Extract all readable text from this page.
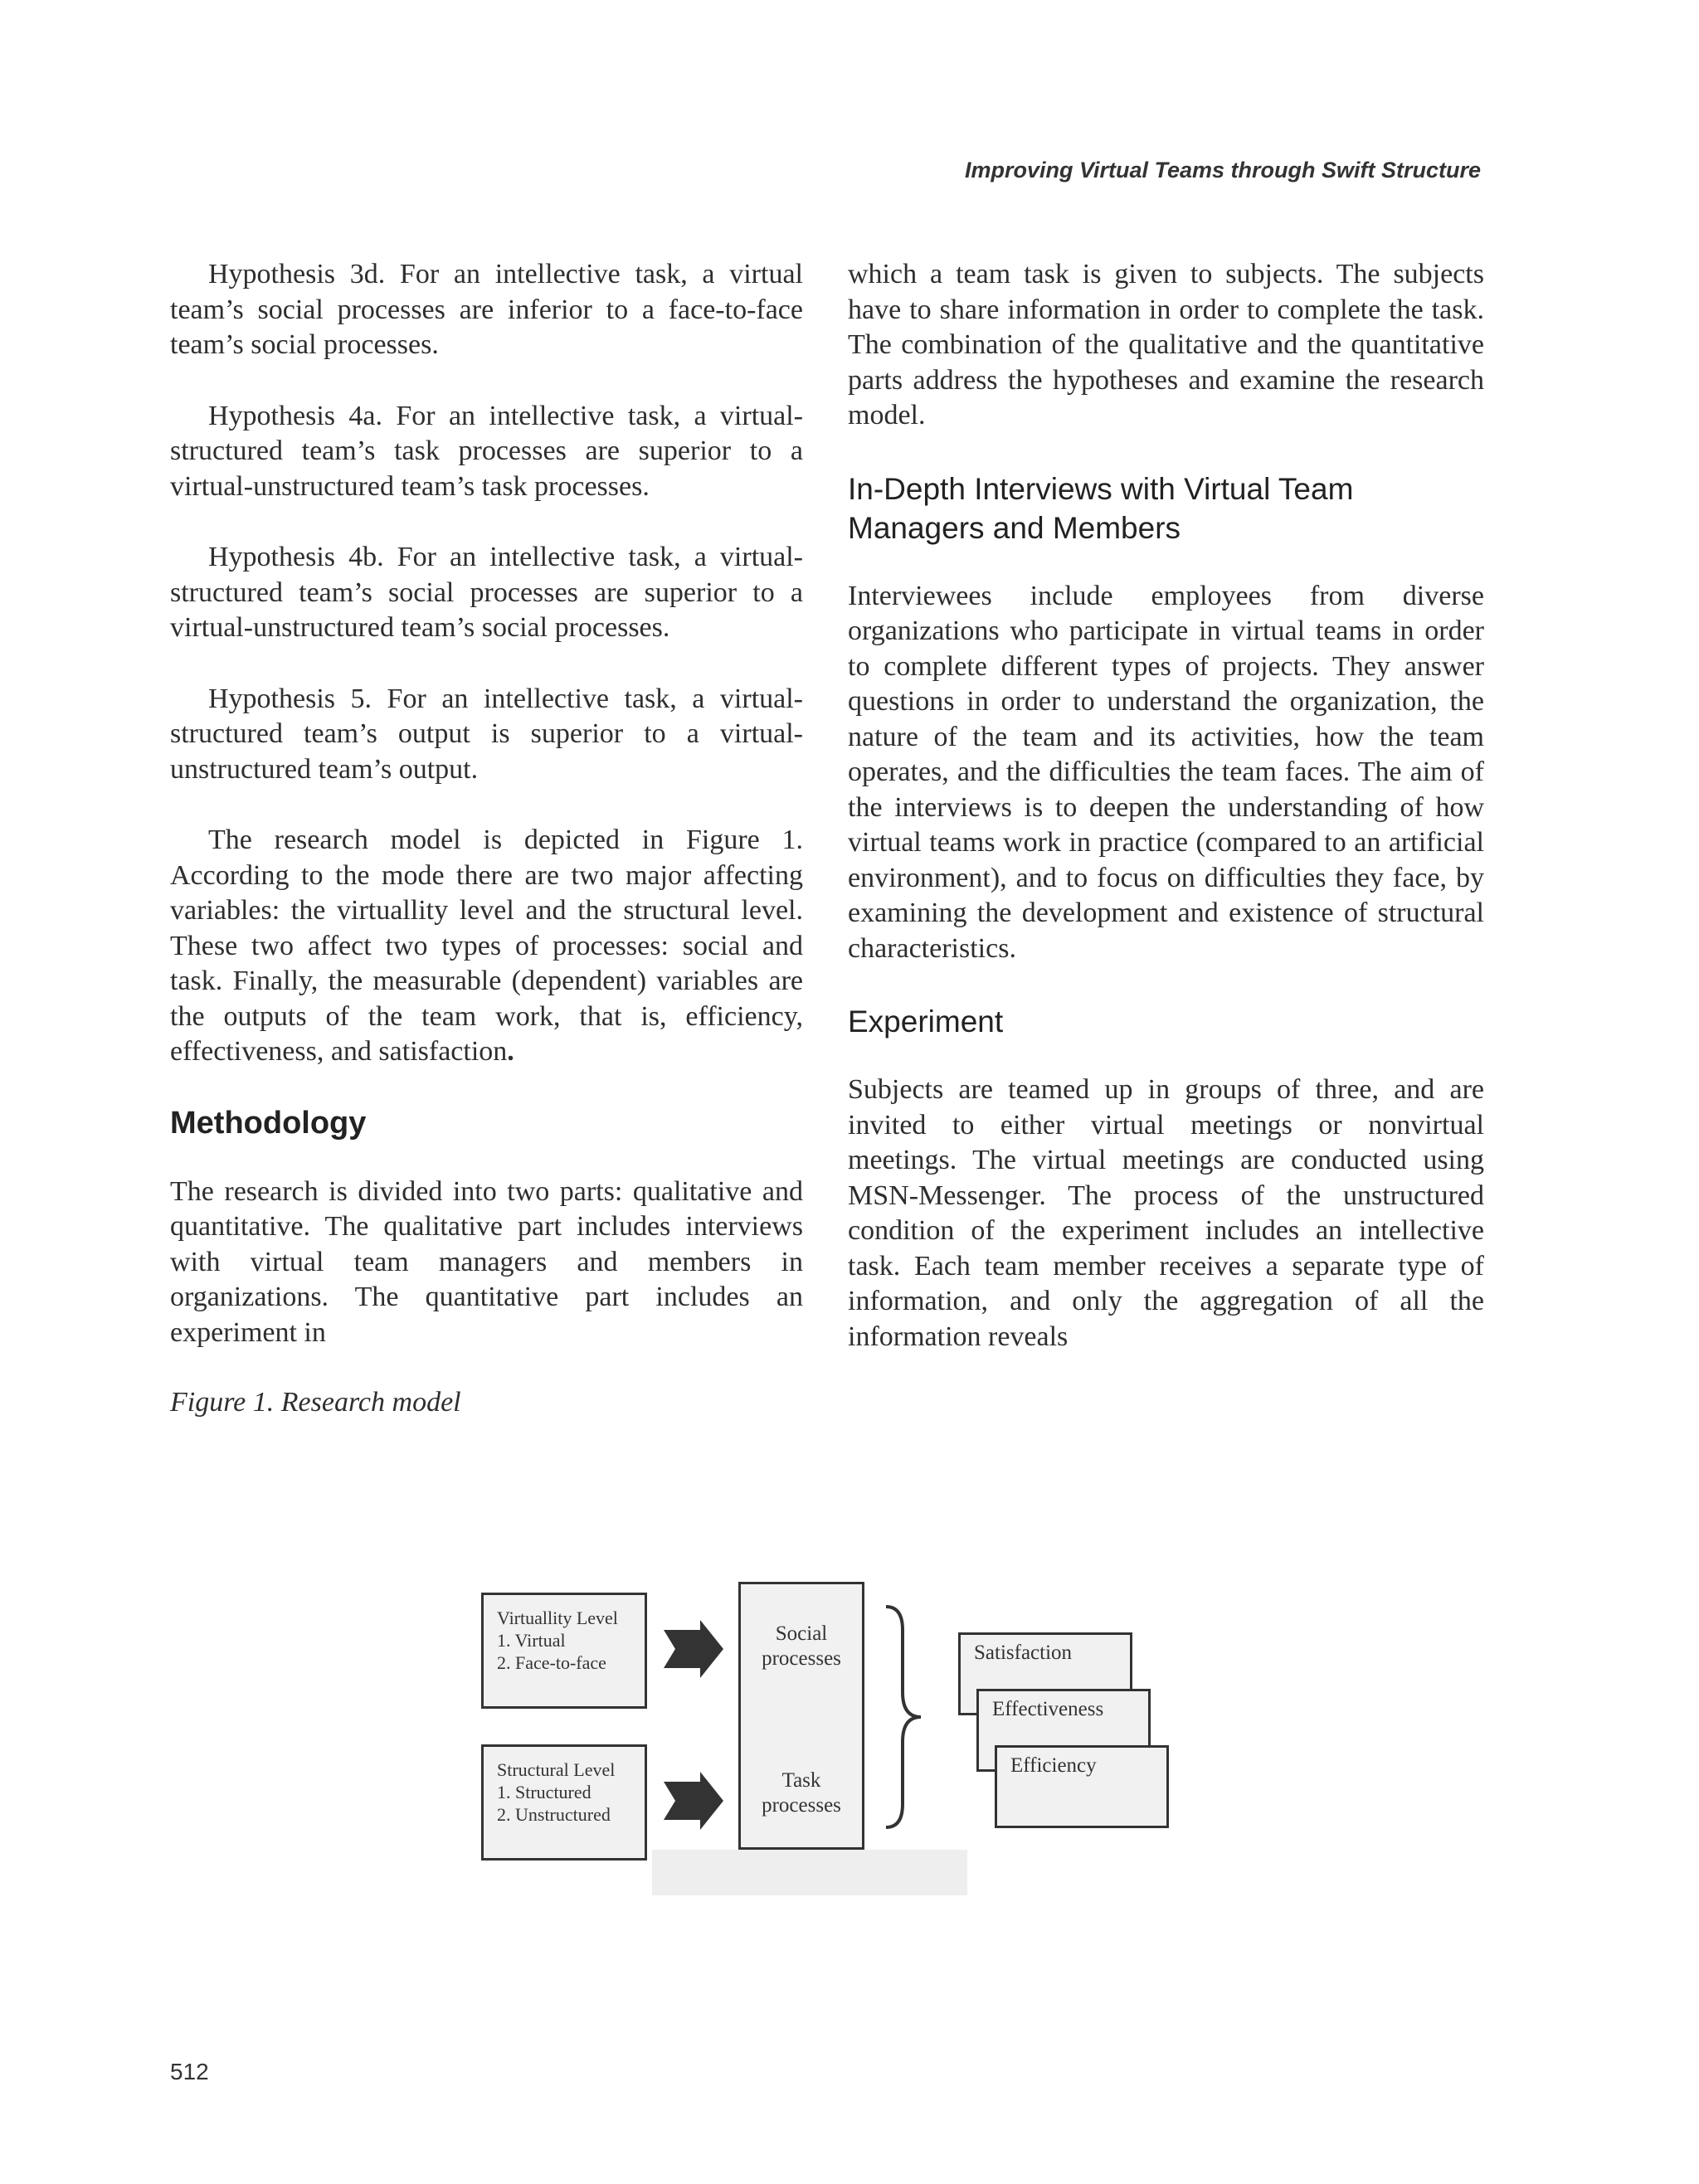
Improving Virtual Teams through Swift Structure

Hypothesis 3d. For an intellective task, a virtual team’s social processes are inferior to a face-to-face team’s social processes.

Hypothesis 4a. For an intellective task, a virtual-structured team’s task processes are superior to a virtual-unstructured team’s task processes.

Hypothesis 4b. For an intellective task, a virtual-structured team’s social processes are superior to a virtual-unstructured team’s social processes.

Hypothesis 5. For an intellective task, a virtual-structured team’s output is superior to a virtual-unstructured team’s output.

The research model is depicted in Figure 1. According to the mode there are two major affecting variables: the virtuallity level and the structural level. These two affect two types of processes: social and task. Finally, the measurable (dependent) variables are the outputs of the team work, that is, efficiency, effectiveness, and satisfaction.

Methodology

The research is divided into two parts: qualitative and quantitative. The qualitative part includes interviews with virtual team managers and members in organizations. The quantitative part includes an experiment in

which a team task is given to subjects. The subjects have to share information in order to complete the task. The combination of the qualitative and the quantitative parts address the hypotheses and examine the research model.

In-Depth Interviews with Virtual Team Managers and Members

Interviewees include employees from diverse organizations who participate in virtual teams in order to complete different types of projects. They answer questions in order to understand the organization, the nature of the team and its activities, how the team operates, and the difficulties the team faces. The aim of the interviews is to deepen the understanding of how virtual teams work in practice (compared to an artificial environment), and to focus on difficulties they face, by examining the development and existence of structural characteristics.

Experiment

Subjects are teamed up in groups of three, and are invited to either virtual meetings or nonvirtual meetings. The virtual meetings are conducted using MSN-Messenger. The process of the unstructured condition of the experiment includes an intellective task. Each team member receives a separate type of information, and only the aggregation of all the information reveals

Figure 1. Research model
Virtuallity Level
1. Virtual
2. Face-to-face
Structural Level
1. Structured
2. Unstructured
Social
processes
Task
processes
Satisfaction
Effectiveness
Efficiency
512
